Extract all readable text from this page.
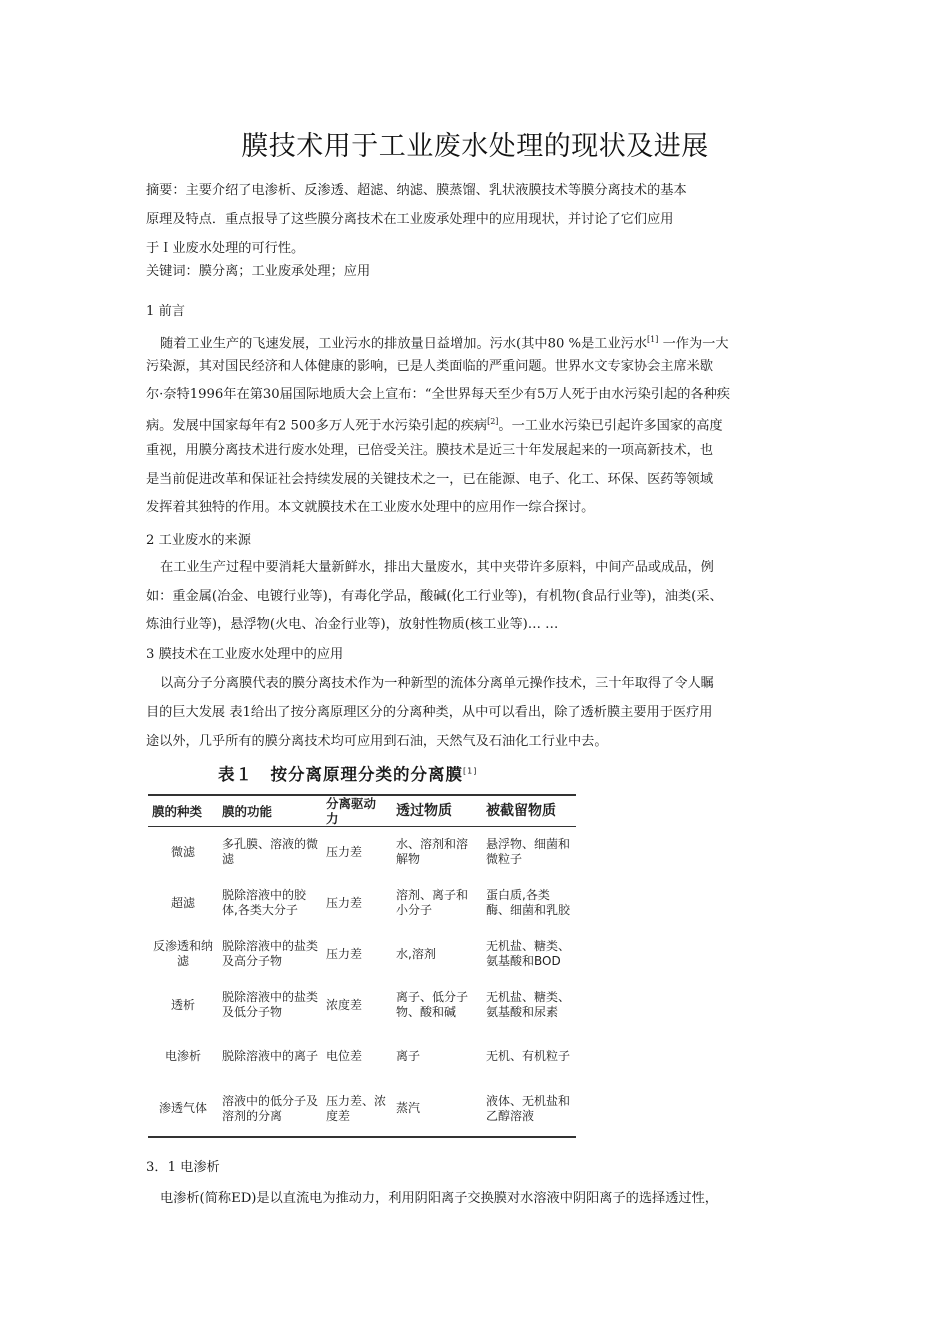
膜技术用于工业废水处理的现状及进展
摘要：主要介绍了电渗析、反渗透、超滤、纳滤、膜蒸馏、乳状液膜技术等膜分离技术的基本
原理及特点．重点报导了这些膜分离技术在工业废承处理中的应用现状，并讨论了它们应用
于Ｉ业废水处理的可行性。
关键词：膜分离；工业废承处理；应用
1 前言
随着工业生产的飞速发展，工业污水的排放量日益增加。污水(其中80 %是工业污水[1] 一作为一大
污染源，其对国民经济和人体健康的影响，已是人类面临的严重问题。世界水文专家协会主席米歇
尔·奈特1996年在第30届国际地质大会上宣布：“全世界每天至少有5万人死于由水污染引起的各种疾
病。发展中国家每年有2 500多万人死于水污染引起的疾病[2]。一工业水污染已引起许多国家的高度
重视，用膜分离技术进行废水处理，已倍受关注。膜技术是近三十年发展起来的一项高新技术，也
是当前促进改革和保证社会持续发展的关键技术之一，已在能源、电子、化工、环保、医药等领域
发挥着其独特的作用。本文就膜技术在工业废水处理中的应用作一综合探讨。
2 工业废水的来源
在工业生产过程中要消耗大量新鲜水，排出大量废水，其中夹带许多原料，中间产品或成品，例
如：重金属(冶金、电镀行业等)，有毒化学品，酸碱(化工行业等)，有机物(食品行业等)，油类(采、
炼油行业等)，悬浮物(火电、冶金行业等)，放射性物质(核工业等)… …
3 膜技术在工业废水处理中的应用
以高分子分离膜代表的膜分离技术作为一种新型的流体分离单元操作技术，三十年取得了令人瞩
目的巨大发展 表1给出了按分离原理区分的分离种类，从中可以看出，除了透析膜主要用于医疗用
途以外，几乎所有的膜分离技术均可应用到石油，天然气及石油化工行业中去。
表１　按分离原理分类的分离膜[1]
膜的种类	膜的功能	分离驱动力	透过物质	被截留物质
微滤	多孔膜、溶液的微滤	压力差	水、溶剂和溶解物	悬浮物、细菌和微粒子
超滤	脱除溶液中的胶体,各类大分子	压力差	溶剂、离子和小分子	蛋白质,各类酶、细菌和乳胶
反渗透和纳滤	脱除溶液中的盐类及高分子物	压力差	水,溶剂	无机盐、糖类、氨基酸和BOD
透析	脱除溶液中的盐类及低分子物	浓度差	离子、低分子物、酸和碱	无机盐、糖类、氨基酸和尿素
电渗析	脱除溶液中的离子	电位差	离子	无机、有机粒子
渗透气体	溶液中的低分子及溶剂的分离	压力差、浓度差	蒸汽	液体、无机盐和乙醇溶液
3．1 电渗析
电渗析(简称ED)是以直流电为推动力，利用阴阳离子交换膜对水溶液中阴阳离子的选择透过性，
